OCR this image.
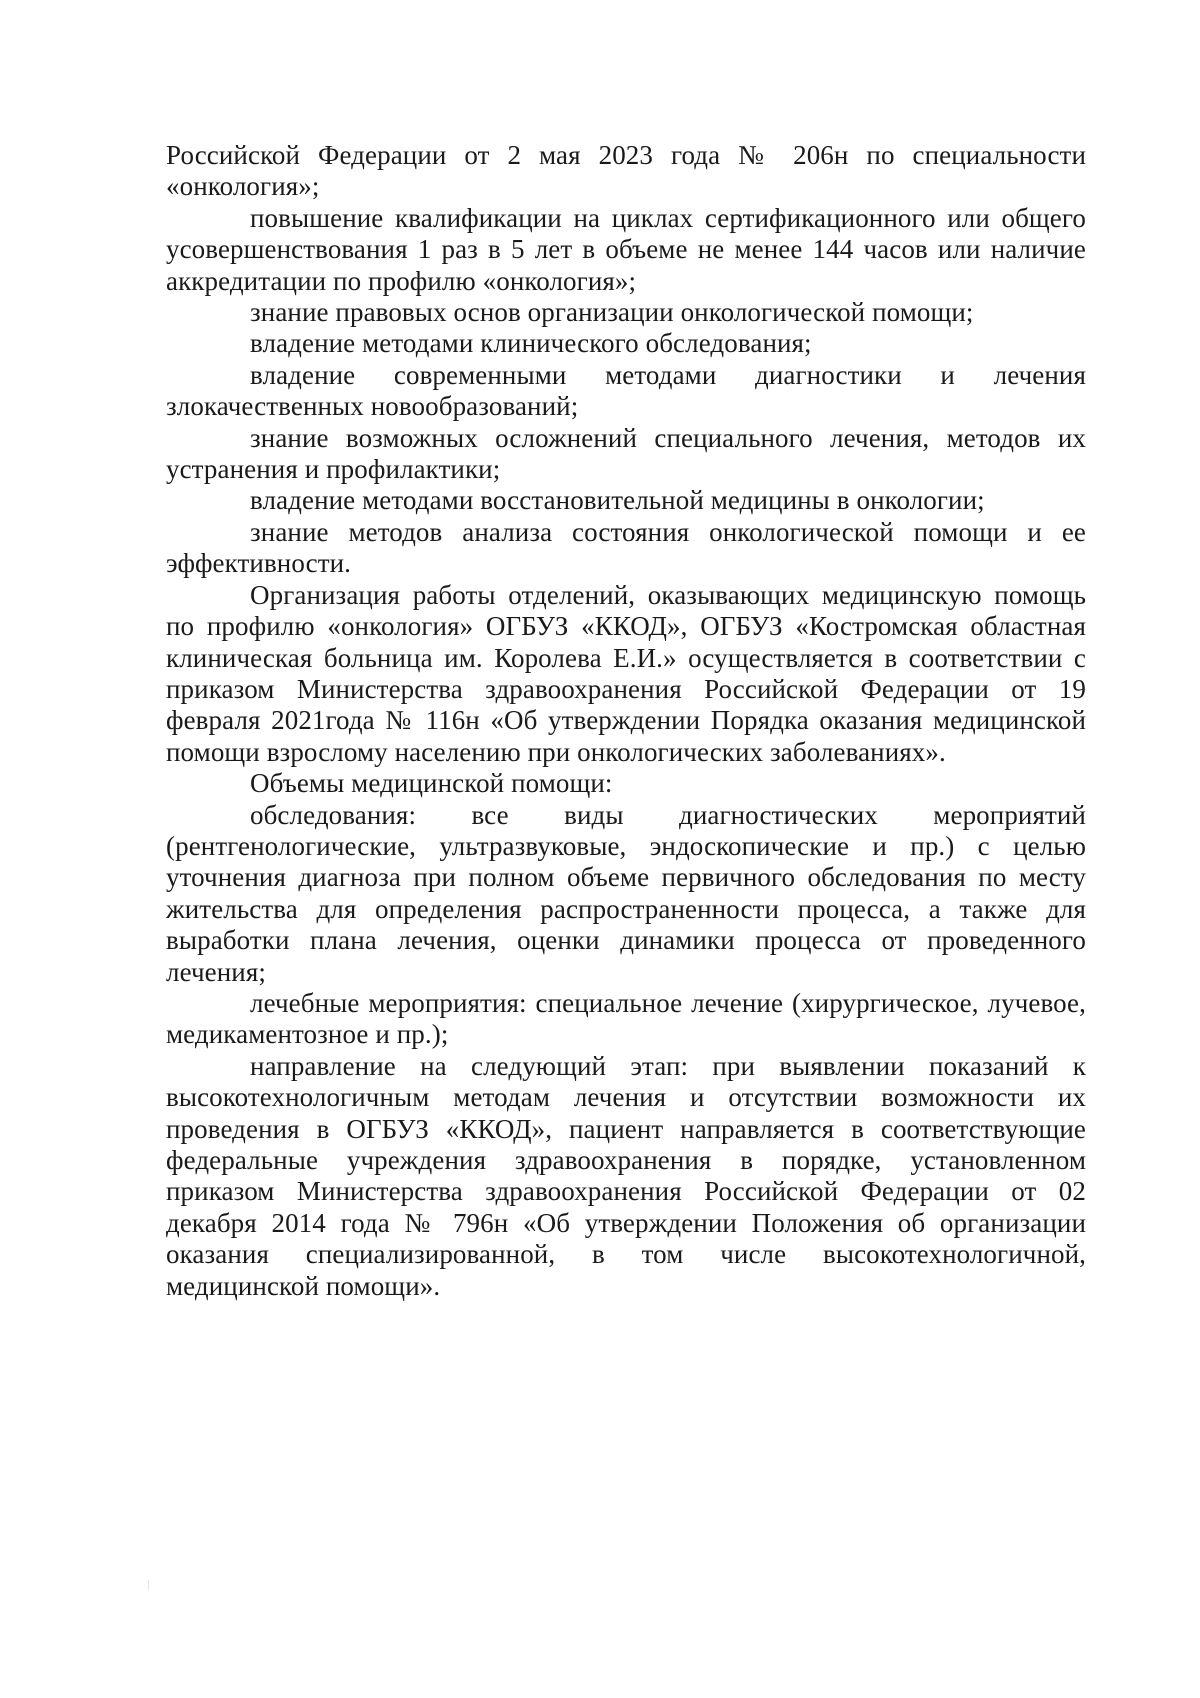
Российской Федерации от 2 мая 2023 года № 206н по специальности «онкология»;

повышение квалификации на циклах сертификационного или общего усовершенствования 1 раз в 5 лет в объеме не менее 144 часов или наличие аккредитации по профилю «онкология»;

знание правовых основ организации онкологической помощи;

владение методами клинического обследования;

владение современными методами диагностики и лечения злокачественных новообразований;

знание возможных осложнений специального лечения, методов их устранения и профилактики;

владение методами восстановительной медицины в онкологии;

знание методов анализа состояния онкологической помощи и ее эффективности.

Организация работы отделений, оказывающих медицинскую помощь по профилю «онкология» ОГБУЗ «ККОД», ОГБУЗ «Костромская областная клиническая больница им. Королева Е.И.» осуществляется в соответствии с приказом Министерства здравоохранения Российской Федерации от 19 февраля 2021года № 116н «Об утверждении Порядка оказания медицинской помощи взрослому населению при онкологических заболеваниях».

Объемы медицинской помощи:

обследования: все виды диагностических мероприятий (рентгенологические, ультразвуковые, эндоскопические и пр.) с целью уточнения диагноза при полном объеме первичного обследования по месту жительства для определения распространенности процесса, а также для выработки плана лечения, оценки динамики процесса от проведенного лечения;

лечебные мероприятия: специальное лечение (хирургическое, лучевое, медикаментозное и пр.);

направление на следующий этап: при выявлении показаний к высокотехнологичным методам лечения и отсутствии возможности их проведения в ОГБУЗ «ККОД», пациент направляется в соответствующие федеральные учреждения здравоохранения в порядке, установленном приказом Министерства здравоохранения Российской Федерации от 02 декабря 2014 года № 796н «Об утверждении Положения об организации оказания специализированной, в том числе высокотехнологичной, медицинской помощи».
